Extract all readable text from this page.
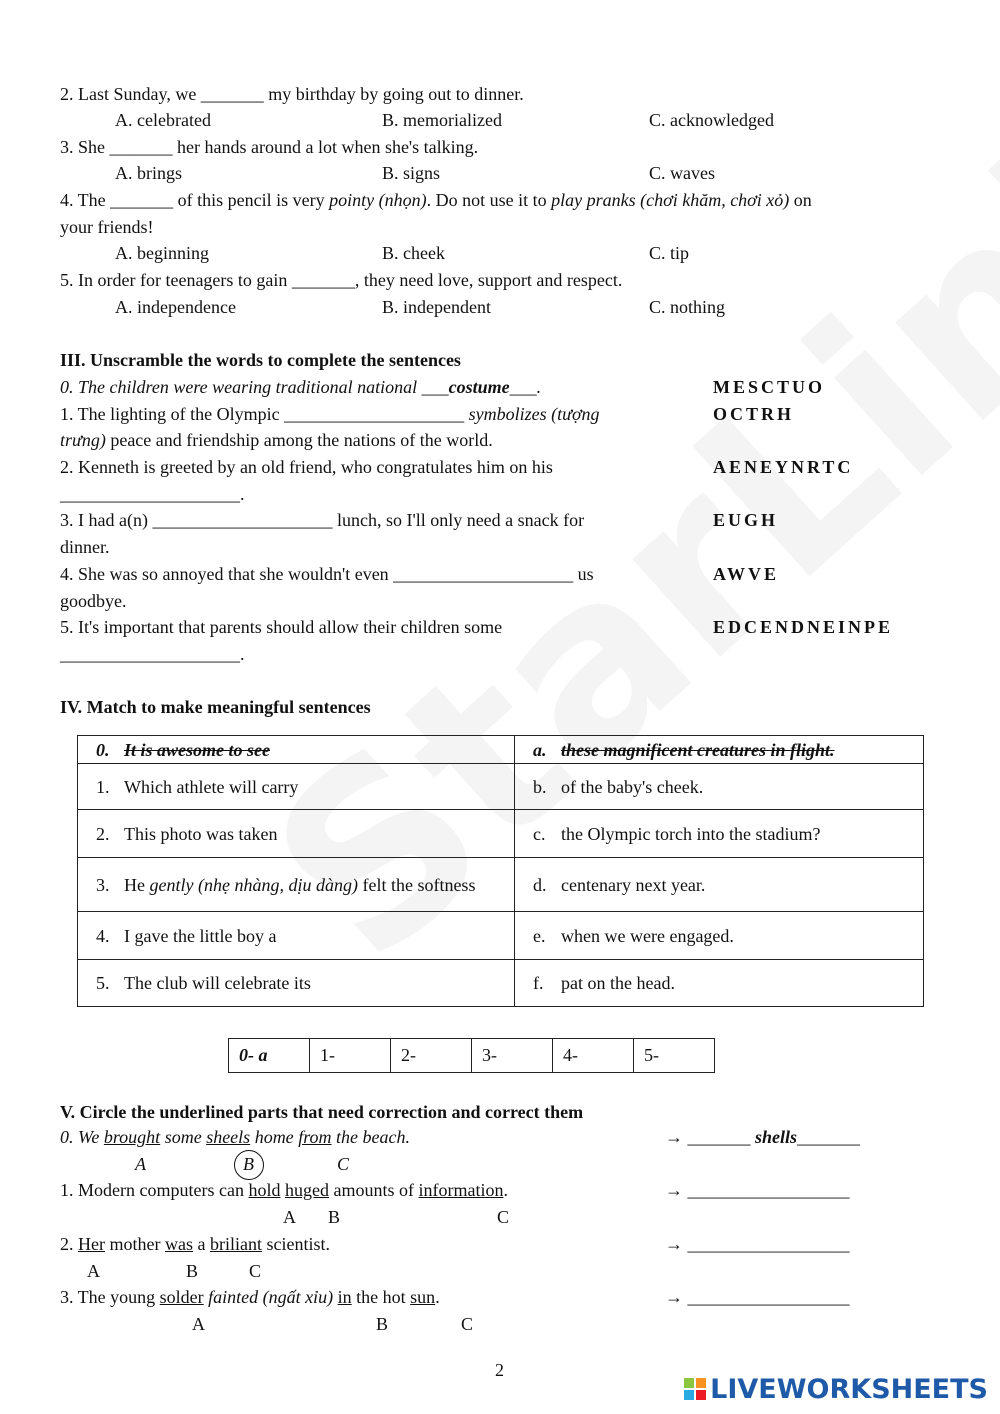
2. Last Sunday, we _______ my birthday by going out to dinner.
A. celebrated	B. memorialized	C. acknowledged
3. She _______ her hands around a lot when she's talking.
A. brings	B. signs	C. waves
4. The _______ of this pencil is very pointy (nhọn). Do not use it to play pranks (chơi khăm, chơi xỏ) on
your friends!
A. beginning	B. cheek	C. tip
5. In order for teenagers to gain _______, they need love, support and respect.
A. independence	B. independent	C. nothing
III. Unscramble the words to complete the sentences
0. The children were wearing traditional national ___costume___.	MESCTUO
1. The lighting of the Olympic ____________________ symbolizes (tượng
trưng) peace and friendship among the nations of the world.
OCTRH
2. Kenneth is greeted by an old friend, who congratulates him on his
____________________.
AENEYNRTC
3. I had a(n) ____________________ lunch, so I'll only need a snack for
dinner.
EUGH
4. She was so annoyed that she wouldn't even ____________________ us
goodbye.
AWVE
5. It's important that parents should allow their children some
____________________.
EDCENDNEINPE
IV. Match to make meaningful sentences
0. It is awesome to see	a. these magnificent creatures in flight.
1. Which athlete will carry	b. of the baby's cheek.
2. This photo was taken	c. the Olympic torch into the stadium?

3. He gently (nhẹ nhàng, dịu dàng) felt the softness	d. centenary next year.
4. I gave the little boy a	e. when we were engaged.
5. The club will celebrate its	f. pat on the head.
0- a	1-	2-	3-	4-	5-
V. Circle the underlined parts that need correction and correct them
0. We brought some sheels home from the beach.	→ _______ shells_______
A	B	C
1. Modern computers can hold huged amounts of information.	→ __________________
A B	C
2. Her mother was a briliant scientist.	→ __________________
A	B	C
3. The young solder fainted (ngất xỉu) in the hot sun.	→ __________________
A	B	C
2
LIVEWORKSHEETS
